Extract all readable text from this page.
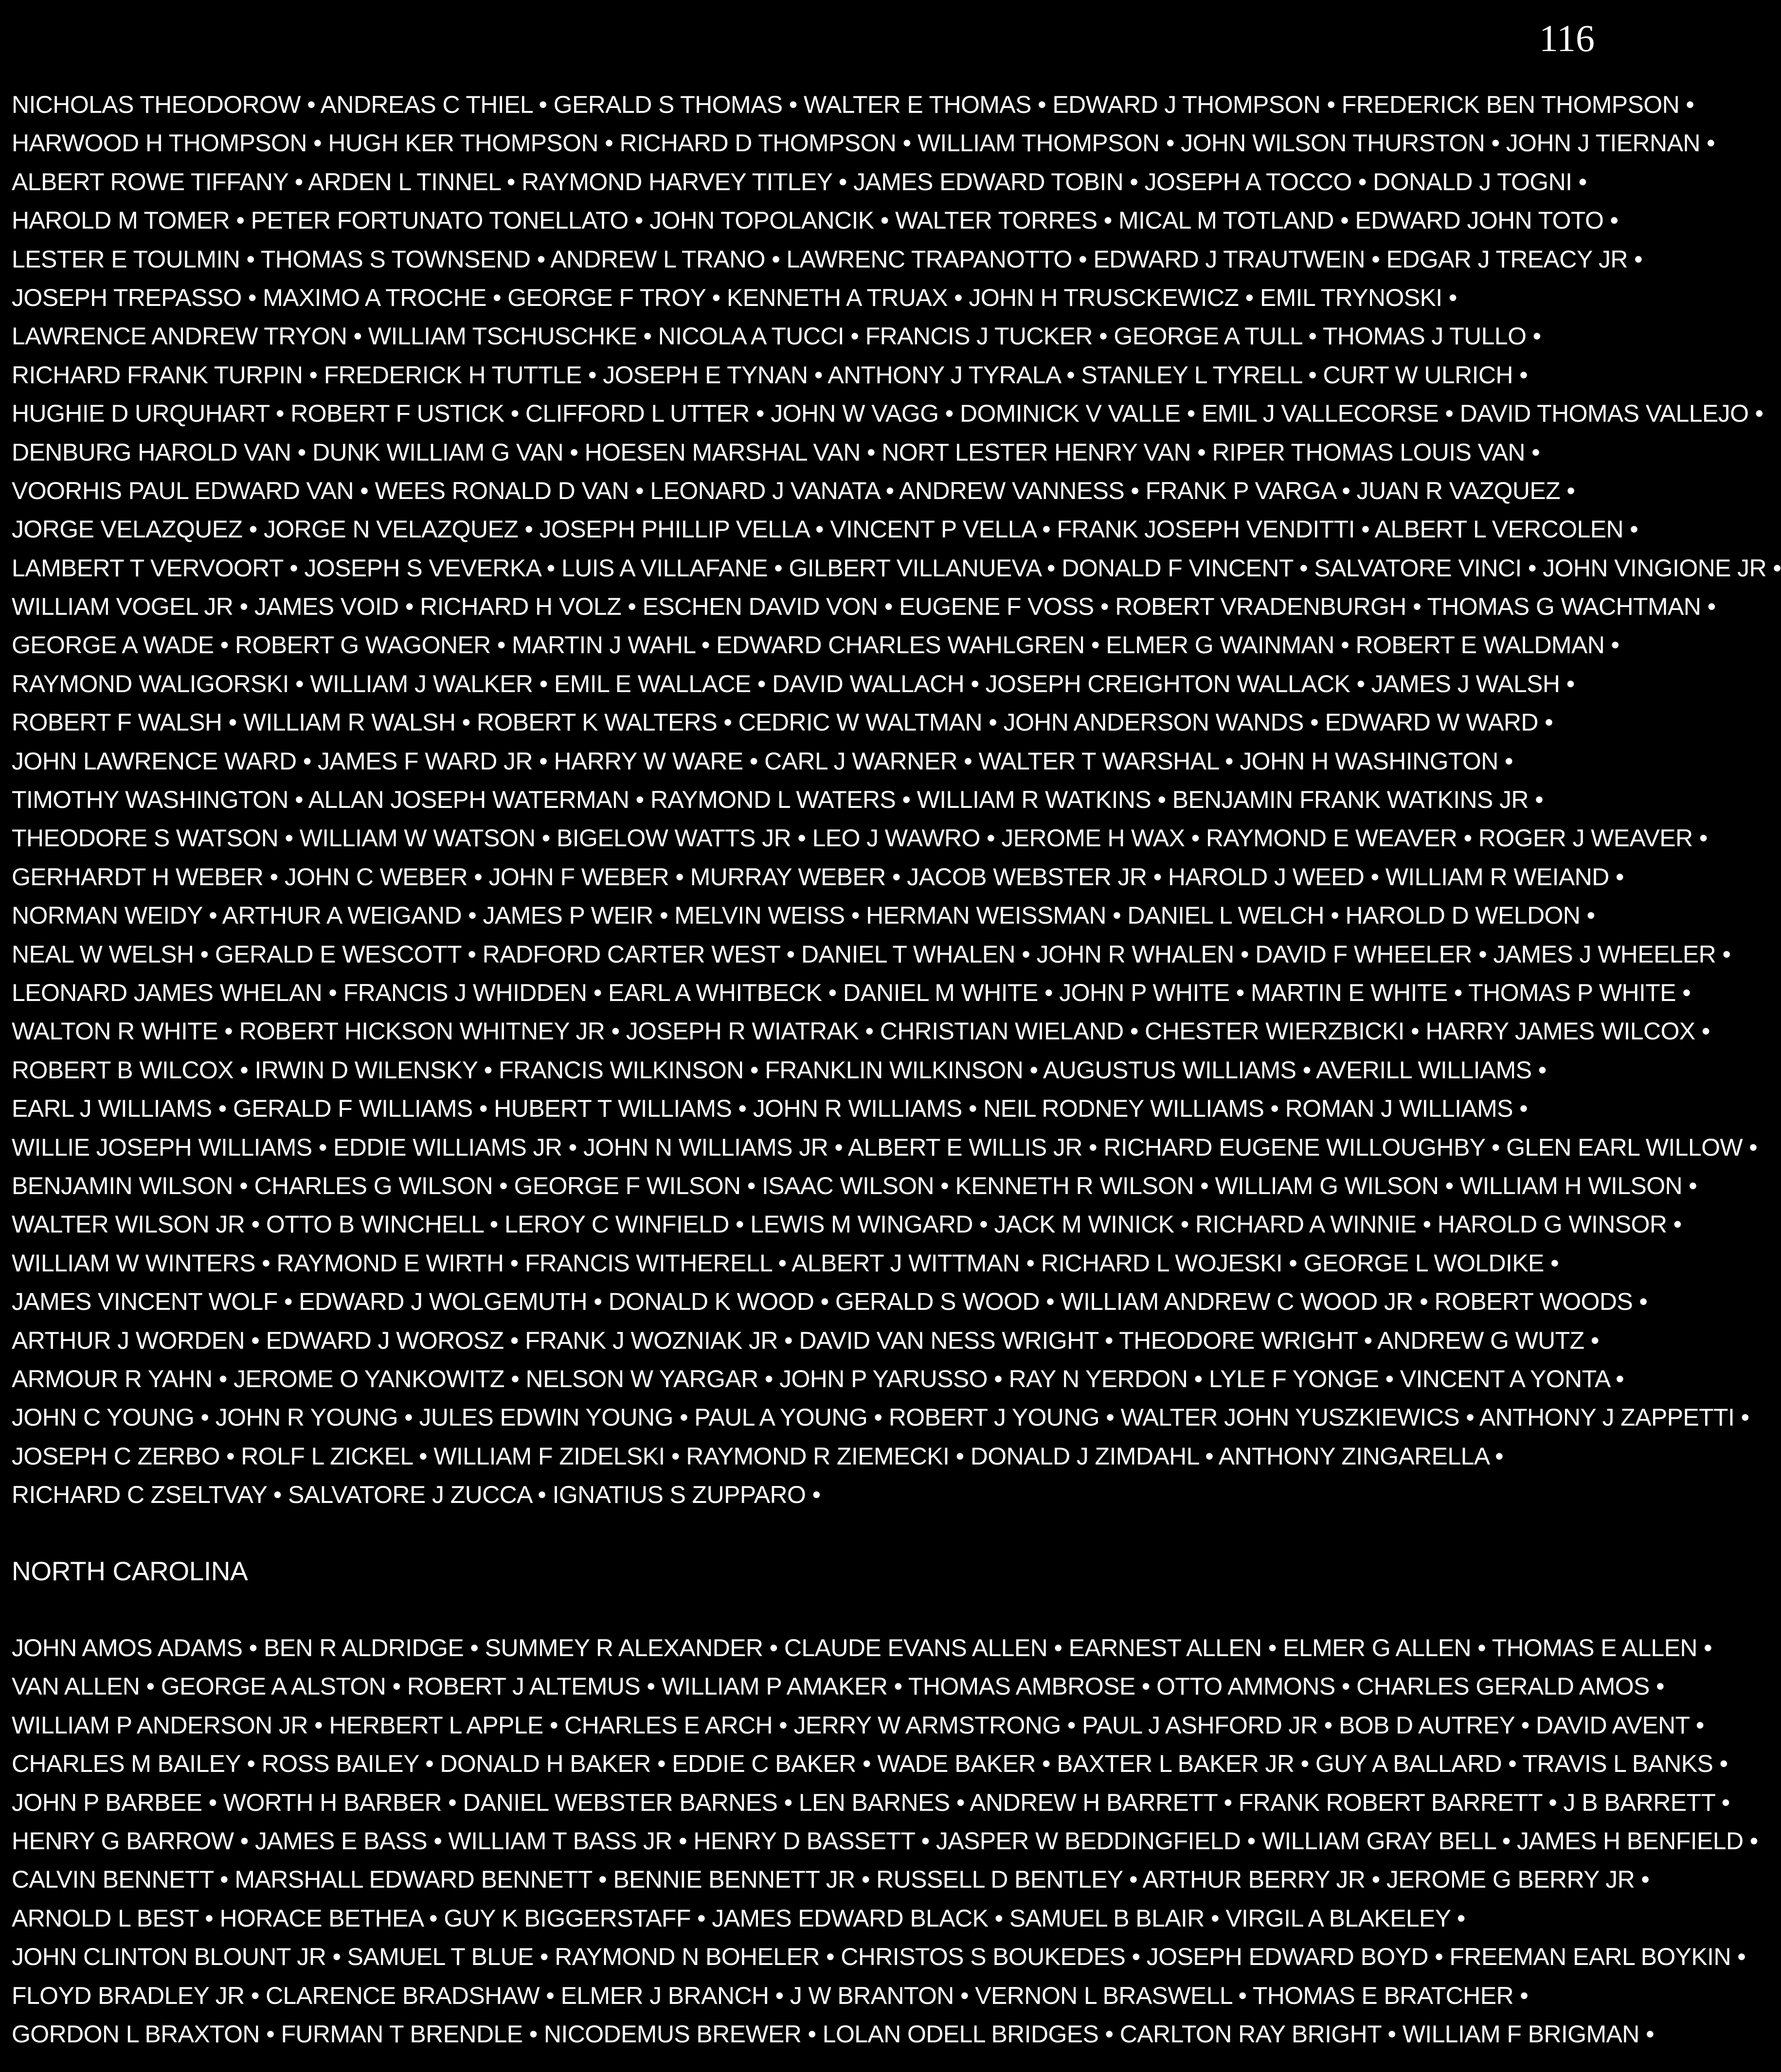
116
NICHOLAS THEODOROW • ANDREAS C THIEL • GERALD S THOMAS • WALTER E THOMAS • EDWARD J THOMPSON • FREDERICK BEN THOMPSON •
HARWOOD H THOMPSON • HUGH KER THOMPSON • RICHARD D THOMPSON • WILLIAM THOMPSON • JOHN WILSON THURSTON • JOHN J TIERNAN •
ALBERT ROWE TIFFANY • ARDEN L TINNEL • RAYMOND HARVEY TITLEY • JAMES EDWARD TOBIN • JOSEPH A TOCCO • DONALD J TOGNI •
HAROLD M TOMER • PETER FORTUNATO TONELLATO • JOHN TOPOLANCIK • WALTER TORRES • MICAL M TOTLAND • EDWARD JOHN TOTO •
LESTER E TOULMIN • THOMAS S TOWNSEND • ANDREW L TRANO • LAWRENC TRAPANOTTO • EDWARD J TRAUTWEIN • EDGAR J TREACY JR •
JOSEPH TREPASSO • MAXIMO A TROCHE • GEORGE F TROY • KENNETH A TRUAX • JOHN H TRUSCKEWICZ • EMIL TRYNOSKI •
LAWRENCE ANDREW TRYON • WILLIAM TSCHUSCHKE • NICOLA A TUCCI • FRANCIS J TUCKER • GEORGE A TULL • THOMAS J TULLO •
RICHARD FRANK TURPIN • FREDERICK H TUTTLE • JOSEPH E TYNAN • ANTHONY J TYRALA • STANLEY L TYRELL • CURT W ULRICH •
HUGHIE D URQUHART • ROBERT F USTICK • CLIFFORD L UTTER • JOHN W VAGG • DOMINICK V VALLE • EMIL J VALLECORSE • DAVID THOMAS VALLEJO •
DENBURG HAROLD VAN • DUNK WILLIAM G VAN • HOESEN MARSHAL VAN • NORT LESTER HENRY VAN • RIPER THOMAS LOUIS VAN •
VOORHIS PAUL EDWARD VAN • WEES RONALD D VAN • LEONARD J VANATA • ANDREW VANNESS • FRANK P VARGA • JUAN R VAZQUEZ •
JORGE VELAZQUEZ • JORGE N VELAZQUEZ • JOSEPH PHILLIP VELLA • VINCENT P VELLA • FRANK JOSEPH VENDITTI • ALBERT L VERCOLEN •
LAMBERT T VERVOORT • JOSEPH S VEVERKA • LUIS A VILLAFANE • GILBERT VILLANUEVA • DONALD F VINCENT • SALVATORE VINCI • JOHN VINGIONE JR •
WILLIAM VOGEL JR • JAMES VOID • RICHARD H VOLZ • ESCHEN DAVID VON • EUGENE F VOSS • ROBERT VRADENBURGH • THOMAS G WACHTMAN •
GEORGE A WADE • ROBERT G WAGONER • MARTIN J WAHL • EDWARD CHARLES WAHLGREN • ELMER G WAINMAN • ROBERT E WALDMAN •
RAYMOND WALIGORSKI • WILLIAM J WALKER • EMIL E WALLACE • DAVID WALLACH • JOSEPH CREIGHTON WALLACK • JAMES J WALSH •
ROBERT F WALSH • WILLIAM R WALSH • ROBERT K WALTERS • CEDRIC W WALTMAN • JOHN ANDERSON WANDS • EDWARD W WARD •
JOHN LAWRENCE WARD • JAMES F WARD JR • HARRY W WARE • CARL J WARNER • WALTER T WARSHAL • JOHN H WASHINGTON •
TIMOTHY WASHINGTON • ALLAN JOSEPH WATERMAN • RAYMOND L WATERS • WILLIAM R WATKINS • BENJAMIN FRANK WATKINS JR •
THEODORE S WATSON • WILLIAM W WATSON • BIGELOW WATTS JR • LEO J WAWRO • JEROME H WAX • RAYMOND E WEAVER • ROGER J WEAVER •
GERHARDT H WEBER • JOHN C WEBER • JOHN F WEBER • MURRAY WEBER • JACOB WEBSTER JR • HAROLD J WEED • WILLIAM R WEIAND •
NORMAN WEIDY • ARTHUR A WEIGAND • JAMES P WEIR • MELVIN WEISS • HERMAN WEISSMAN • DANIEL L WELCH • HAROLD D WELDON •
NEAL W WELSH • GERALD E WESCOTT • RADFORD CARTER WEST • DANIEL T WHALEN • JOHN R WHALEN • DAVID F WHEELER • JAMES J WHEELER •
LEONARD JAMES WHELAN • FRANCIS J WHIDDEN • EARL A WHITBECK • DANIEL M WHITE • JOHN P WHITE • MARTIN E WHITE • THOMAS P WHITE •
WALTON R WHITE • ROBERT HICKSON WHITNEY JR • JOSEPH R WIATRAK • CHRISTIAN WIELAND • CHESTER WIERZBICKI • HARRY JAMES WILCOX •
ROBERT B WILCOX • IRWIN D WILENSKY • FRANCIS WILKINSON • FRANKLIN WILKINSON • AUGUSTUS WILLIAMS • AVERILL WILLIAMS •
EARL J WILLIAMS • GERALD F WILLIAMS • HUBERT T WILLIAMS • JOHN R WILLIAMS • NEIL RODNEY WILLIAMS • ROMAN J WILLIAMS •
WILLIE JOSEPH WILLIAMS • EDDIE WILLIAMS JR • JOHN N WILLIAMS JR • ALBERT E WILLIS JR • RICHARD EUGENE WILLOUGHBY • GLEN EARL WILLOW •
BENJAMIN WILSON • CHARLES G WILSON • GEORGE F WILSON • ISAAC WILSON • KENNETH R WILSON • WILLIAM G WILSON • WILLIAM H WILSON •
WALTER WILSON JR • OTTO B WINCHELL • LEROY C WINFIELD • LEWIS M WINGARD • JACK M WINICK • RICHARD A WINNIE • HAROLD G WINSOR •
WILLIAM W WINTERS • RAYMOND E WIRTH • FRANCIS WITHERELL • ALBERT J WITTMAN • RICHARD L WOJESKI • GEORGE L WOLDIKE •
JAMES VINCENT WOLF • EDWARD J WOLGEMUTH • DONALD K WOOD • GERALD S WOOD • WILLIAM ANDREW C WOOD JR • ROBERT WOODS •
ARTHUR J WORDEN • EDWARD J WOROSZ • FRANK J WOZNIAK JR • DAVID VAN NESS WRIGHT • THEODORE WRIGHT • ANDREW G WUTZ •
ARMOUR R YAHN • JEROME O YANKOWITZ • NELSON W YARGAR • JOHN P YARUSSO • RAY N YERDON • LYLE F YONGE • VINCENT A YONTA •
JOHN C YOUNG • JOHN R YOUNG • JULES EDWIN YOUNG • PAUL A YOUNG • ROBERT J YOUNG • WALTER JOHN YUSZKIEWICS • ANTHONY J ZAPPETTI •
JOSEPH C ZERBO • ROLF L ZICKEL • WILLIAM F ZIDELSKI • RAYMOND R ZIEMECKI • DONALD J ZIMDAHL • ANTHONY ZINGARELLA •
RICHARD C ZSELTVAY • SALVATORE J ZUCCA • IGNATIUS S ZUPPARO •
NORTH CAROLINA
JOHN AMOS ADAMS • BEN R ALDRIDGE • SUMMEY R ALEXANDER • CLAUDE EVANS ALLEN • EARNEST ALLEN • ELMER G ALLEN • THOMAS E ALLEN •
VAN ALLEN • GEORGE A ALSTON • ROBERT J ALTEMUS • WILLIAM P AMAKER • THOMAS AMBROSE • OTTO AMMONS • CHARLES GERALD AMOS •
WILLIAM P ANDERSON JR • HERBERT L APPLE • CHARLES E ARCH • JERRY W ARMSTRONG • PAUL J ASHFORD JR • BOB D AUTREY • DAVID AVENT •
CHARLES M BAILEY • ROSS BAILEY • DONALD H BAKER • EDDIE C BAKER • WADE BAKER • BAXTER L BAKER JR • GUY A BALLARD • TRAVIS L BANKS •
JOHN P BARBEE • WORTH H BARBER • DANIEL WEBSTER BARNES • LEN BARNES • ANDREW H BARRETT • FRANK ROBERT BARRETT • J B BARRETT •
HENRY G BARROW • JAMES E BASS • WILLIAM T BASS JR • HENRY D BASSETT • JASPER W BEDDINGFIELD • WILLIAM GRAY BELL • JAMES H BENFIELD •
CALVIN BENNETT • MARSHALL EDWARD BENNETT • BENNIE BENNETT JR • RUSSELL D BENTLEY • ARTHUR BERRY JR • JEROME G BERRY JR •
ARNOLD L BEST • HORACE BETHEA • GUY K BIGGERSTAFF • JAMES EDWARD BLACK • SAMUEL B BLAIR • VIRGIL A BLAKELEY •
JOHN CLINTON BLOUNT JR • SAMUEL T BLUE • RAYMOND N BOHELER • CHRISTOS S BOUKEDES • JOSEPH EDWARD BOYD • FREEMAN EARL BOYKIN •
FLOYD BRADLEY JR • CLARENCE BRADSHAW • ELMER J BRANCH • J W BRANTON • VERNON L BRASWELL • THOMAS E BRATCHER •
GORDON L BRAXTON • FURMAN T BRENDLE • NICODEMUS BREWER • LOLAN ODELL BRIDGES • CARLTON RAY BRIGHT • WILLIAM F BRIGMAN •
